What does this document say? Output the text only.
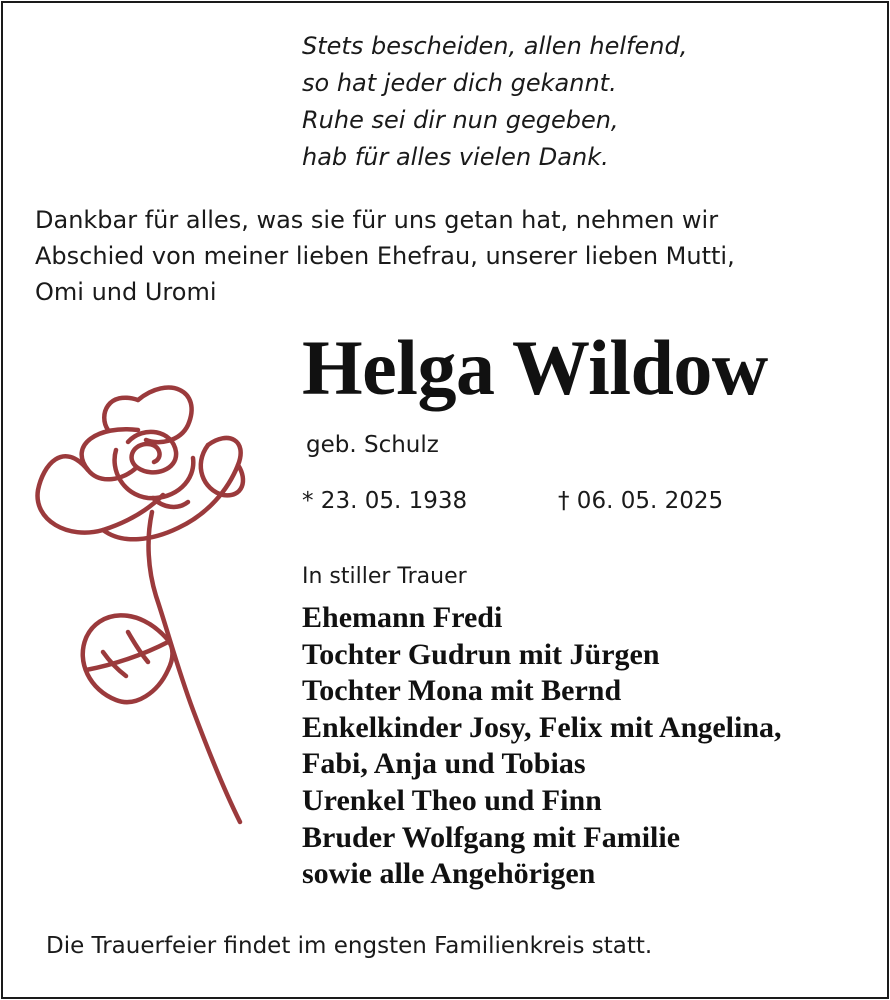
Stets bescheiden, allen helfend,
so hat jeder dich gekannt.
Ruhe sei dir nun gegeben,
hab für alles vielen Dank.
Dankbar für alles, was sie für uns getan hat, nehmen wir
Abschied von meiner lieben Ehefrau, unserer lieben Mutti,
Omi und Uromi
Helga Wildow
geb. Schulz
* 23. 05. 1938	† 06. 05. 2025
In stiller Trauer
Ehemann Fredi
Tochter Gudrun mit Jürgen
Tochter Mona mit Bernd
Enkelkinder Josy, Felix mit Angelina,
Fabi, Anja und Tobias
Urenkel Theo und Finn
Bruder Wolfgang mit Familie
sowie alle Angehörigen
Die Trauerfeier findet im engsten Familienkreis statt.
